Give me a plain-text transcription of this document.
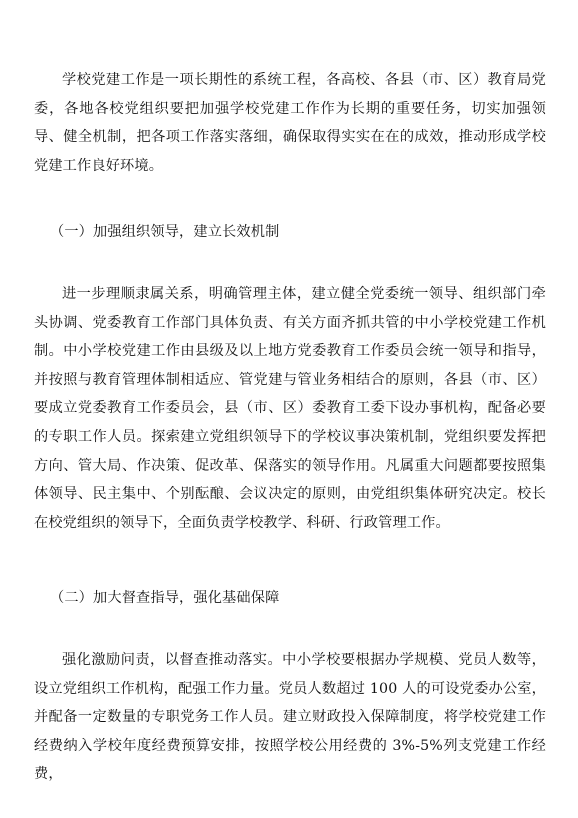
学校党建工作是一项长期性的系统工程，各高校、各县（市、区）教育局党委，各地各校党组织要把加强学校党建工作作为长期的重要任务，切实加强领导、健全机制，把各项工作落实落细，确保取得实实在在的成效，推动形成学校党建工作良好环境。

（一）加强组织领导，建立长效机制

进一步理顺隶属关系，明确管理主体，建立健全党委统一领导、组织部门牵头协调、党委教育工作部门具体负责、有关方面齐抓共管的中小学校党建工作机制。中小学校党建工作由县级及以上地方党委教育工作委员会统一领导和指导，并按照与教育管理体制相适应、管党建与管业务相结合的原则，各县（市、区）要成立党委教育工作委员会，县（市、区）委教育工委下设办事机构，配备必要的专职工作人员。探索建立党组织领导下的学校议事决策机制，党组织要发挥把方向、管大局、作决策、促改革、保落实的领导作用。凡属重大问题都要按照集体领导、民主集中、个别酝酿、会议决定的原则，由党组织集体研究决定。校长在校党组织的领导下，全面负责学校教学、科研、行政管理工作。

（二）加大督查指导，强化基础保障

强化激励问责，以督查推动落实。中小学校要根据办学规模、党员人数等，设立党组织工作机构，配强工作力量。党员人数超过 100 人的可设党委办公室，并配备一定数量的专职党务工作人员。建立财政投入保障制度，将学校党建工作经费纳入学校年度经费预算安排，按照学校公用经费的 3%-5%列支党建工作经费，
